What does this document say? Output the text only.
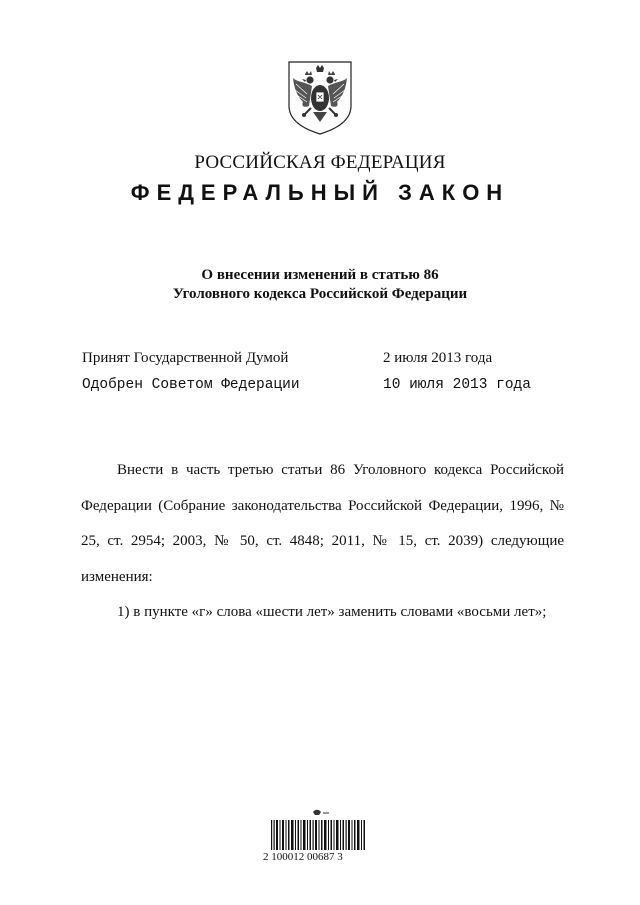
РОССИЙСКАЯ ФЕДЕРАЦИЯ
ФЕДЕРАЛЬНЫЙ ЗАКОН
О внесении изменений в статью 86
Уголовного кодекса Российской Федерации
Принят Государственной Думой	2 июля 2013 года
Одобрен Советом Федерации	10 июля 2013 года

Внести в часть третью статьи 86 Уголовного кодекса Российской Федерации (Собрание законодательства Российской Федерации, 1996, № 25, ст. 2954; 2003, № 50, ст. 4848; 2011, № 15, ст. 2039) следующие изменения:

1) в пункте «г» слова «шести лет» заменить словами «восьми лет»;

2 100012 00687 3
